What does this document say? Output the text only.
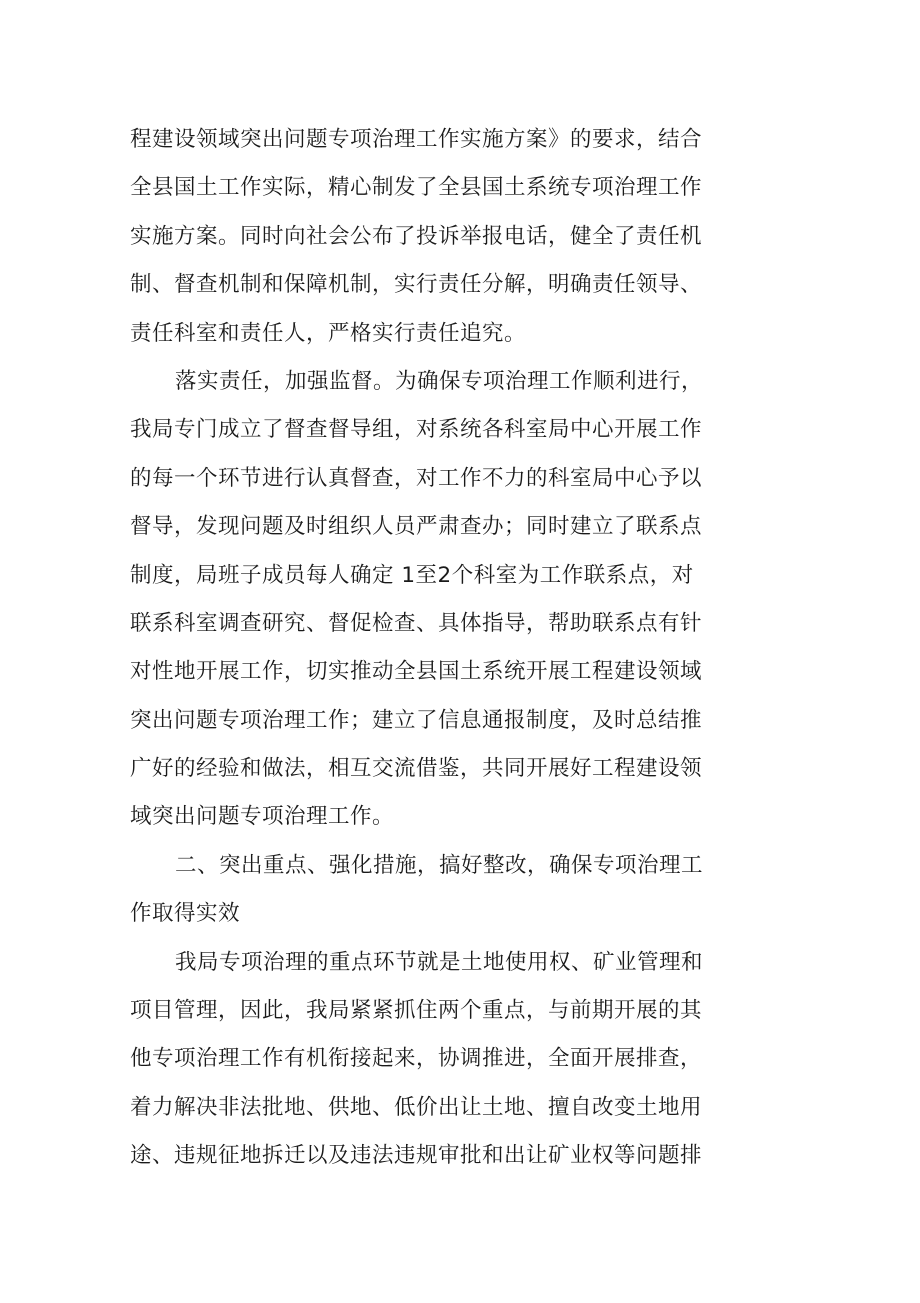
程建设领域突出问题专项治理工作实施方案》的要求，结合
全县国土工作实际，精心制发了全县国土系统专项治理工作
实施方案。同时向社会公布了投诉举报电话，健全了责任机
制、督查机制和保障机制，实行责任分解，明确责任领导、
责任科室和责任人，严格实行责任追究。
落实责任，加强监督。为确保专项治理工作顺利进行，
我局专门成立了督查督导组，对系统各科室局中心开展工作
的每一个环节进行认真督查，对工作不力的科室局中心予以
督导，发现问题及时组织人员严肃查办；同时建立了联系点
制度，局班子成员每人确定 1至2个科室为工作联系点，对
联系科室调查研究、督促检查、具体指导，帮助联系点有针
对性地开展工作，切实推动全县国土系统开展工程建设领域
突出问题专项治理工作；建立了信息通报制度，及时总结推
广好的经验和做法，相互交流借鉴，共同开展好工程建设领
域突出问题专项治理工作。
二、突出重点、强化措施，搞好整改，确保专项治理工
作取得实效
我局专项治理的重点环节就是土地使用权、矿业管理和
项目管理，因此，我局紧紧抓住两个重点，与前期开展的其
他专项治理工作有机衔接起来，协调推进，全面开展排查，
着力解决非法批地、供地、低价出让土地、擅自改变土地用
途、违规征地拆迁以及违法违规审批和出让矿业权等问题排
